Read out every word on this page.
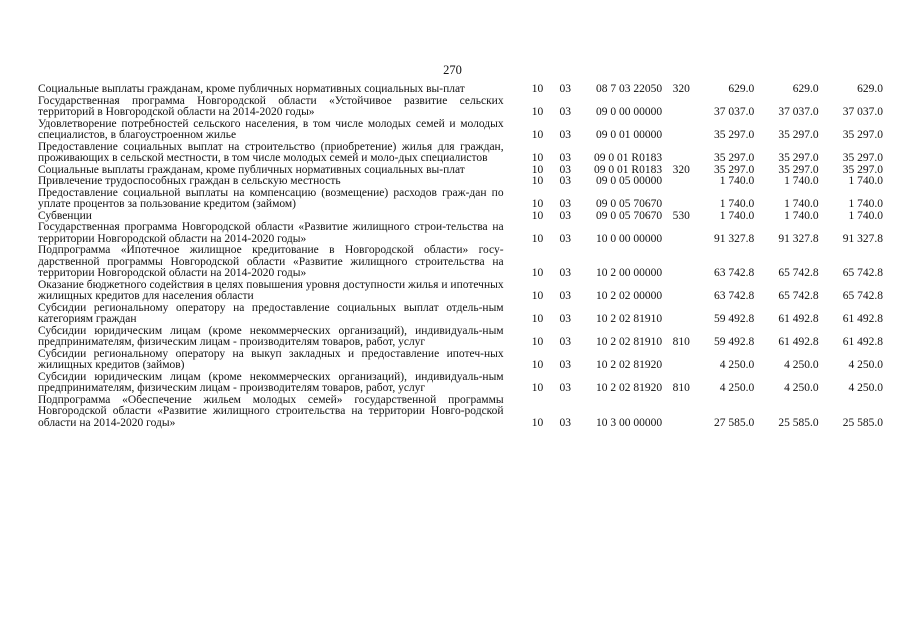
270
Социальные выплаты гражданам, кроме публичных нормативных социальных вы-плат	10	03	08 7 03 22050 320	629.0	629.0	629.0
Государственная программа Новгородской области «Устойчивое развитие сельских территорий в Новгородской области на 2014-2020 годы»	10	03	09 0 00 00000	37 037.0	37 037.0	37 037.0
Удовлетворение потребностей сельского населения, в том числе молодых семей и молодых специалистов, в благоустроенном жилье	10	03	09 0 01 00000	35 297.0	35 297.0	35 297.0
Предоставление социальных выплат на строительство (приобретение) жилья для граждан, проживающих в сельской местности, в том числе молодых семей и моло-дых специалистов	10	03	09 0 01 R0183	35 297.0	35 297.0	35 297.0
Социальные выплаты гражданам, кроме публичных нормативных социальных вы-плат	10	03	09 0 01 R0183 320	35 297.0	35 297.0	35 297.0
Привлечение трудоспособных граждан в сельскую местность	10	03	09 0 05 00000	1 740.0	1 740.0	1 740.0
Предоставление социальной выплаты на компенсацию (возмещение) расходов граж-дан по уплате процентов за пользование кредитом (займом)	10	03	09 0 05 70670	1 740.0	1 740.0	1 740.0
Субвенции	10	03	09 0 05 70670 530	1 740.0	1 740.0	1 740.0
Государственная программа Новгородской области «Развитие жилищного строи-тельства на территории Новгородской области на 2014-2020 годы»	10	03	10 0 00 00000	91 327.8	91 327.8	91 327.8
Подпрограмма «Ипотечное жилищное кредитование в Новгородской области» госу-дарственной программы Новгородской области «Развитие жилищного строительства на территории Новгородской области на 2014-2020 годы»	10	03	10 2 00 00000	63 742.8	65 742.8	65 742.8
Оказание бюджетного содействия в целях повышения уровня доступности жилья и ипотечных жилищных кредитов для населения области	10	03	10 2 02 00000	63 742.8	65 742.8	65 742.8
Субсидии региональному оператору на предоставление социальных выплат отдель-ным категориям граждан	10	03	10 2 02 81910	59 492.8	61 492.8	61 492.8
Субсидии юридическим лицам (кроме некоммерческих организаций), индивидуаль-ным предпринимателям, физическим лицам - производителям товаров, работ, услуг	10	03	10 2 02 81910 810	59 492.8	61 492.8	61 492.8
Субсидии региональному оператору на выкуп закладных и предоставление ипотеч-ных жилищных кредитов (займов)	10	03	10 2 02 81920	4 250.0	4 250.0	4 250.0
Субсидии юридическим лицам (кроме некоммерческих организаций), индивидуаль-ным предпринимателям, физическим лицам - производителям товаров, работ, услуг	10	03	10 2 02 81920 810	4 250.0	4 250.0	4 250.0
Подпрограмма «Обеспечение жильем молодых семей» государственной программы Новгородской области «Развитие жилищного строительства на территории Новго-родской области на 2014-2020 годы»	10	03	10 3 00 00000	27 585.0	25 585.0	25 585.0
